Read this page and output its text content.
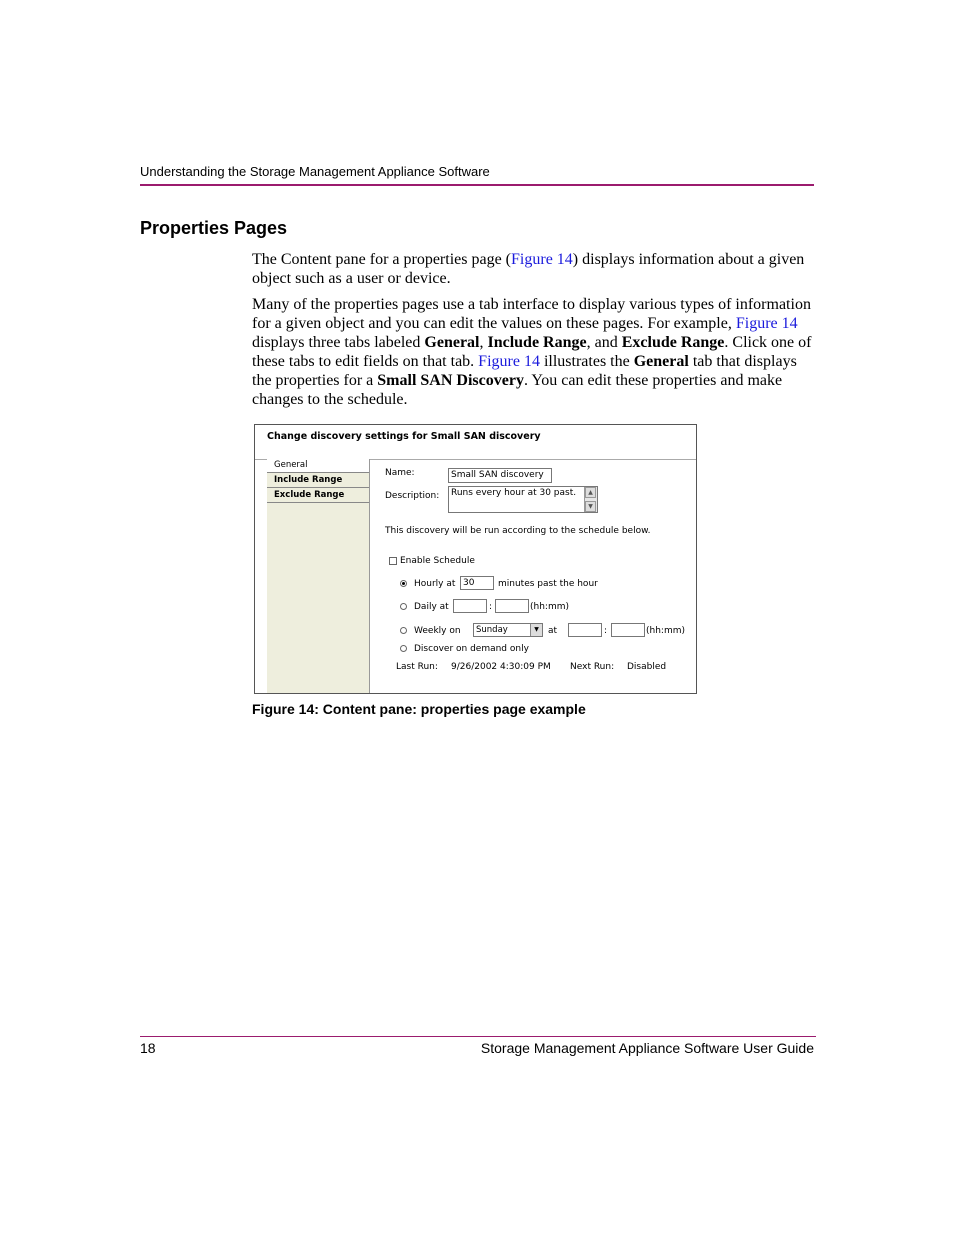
Understanding the Storage Management Appliance Software
Properties Pages

The Content pane for a properties page (Figure 14) displays information about a given object such as a user or device.

Many of the properties pages use a tab interface to display various types of information for a given object and you can edit the values on these pages. For example, Figure 14 displays three tabs labeled General, Include Range, and Exclude Range. Click one of these tabs to edit fields on that tab. Figure 14 illustrates the General tab that displays the properties for a Small SAN Discovery. You can edit these properties and make changes to the schedule.

Change discovery settings for Small SAN discovery
General
Include Range
Exclude Range
Name:	Small SAN discovery
Description:	Runs every hour at 30 past.	▲
▼
This discovery will be run according to the schedule below.
Enable Schedule
Hourly at 30	minutes past the hour
Daily at	:	(hh:mm)
Weekly on	Sunday	▼	at	:	(hh:mm)
Discover on demand only
Last Run: 9/26/2002 4:30:09 PM Next Run: Disabled
Figure 14: Content pane: properties page example
18	Storage Management Appliance Software User Guide
